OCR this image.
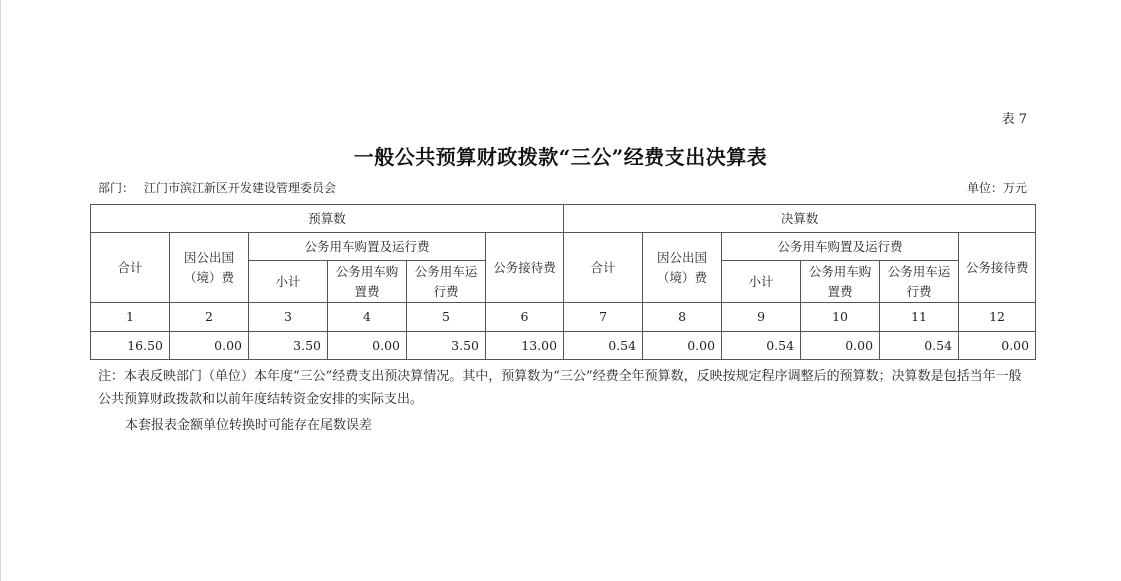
表 7
一般公共预算财政拨款“三公”经费支出决算表
部门： 江门市滨江新区开发建设管理委员会	单位：万元
预算数						决算数					
合计	因公出国（境）费	公务用车购置及运行费			公务接待费	合计	因公出国（境）费	公务用车购置及运行费			公务接待费
		小计	公务用车购置费	公务用车运行费				小计	公务用车购置费	公务用车运行费	
1	2	3	4	5	6	7	8	9	10	11	12
16.50	0.00	3.50	0.00	3.50	13.00	0.54	0.00	0.54	0.00	0.54	0.00

注：本表反映部门（单位）本年度“三公”经费支出预决算情况。其中，预算数为“三公”经费全年预算数，反映按规定程序调整后的预算数；决算数是包括当年一般公共预算财政拨款和以前年度结转资金安排的实际支出。

本套报表金额单位转换时可能存在尾数误差
